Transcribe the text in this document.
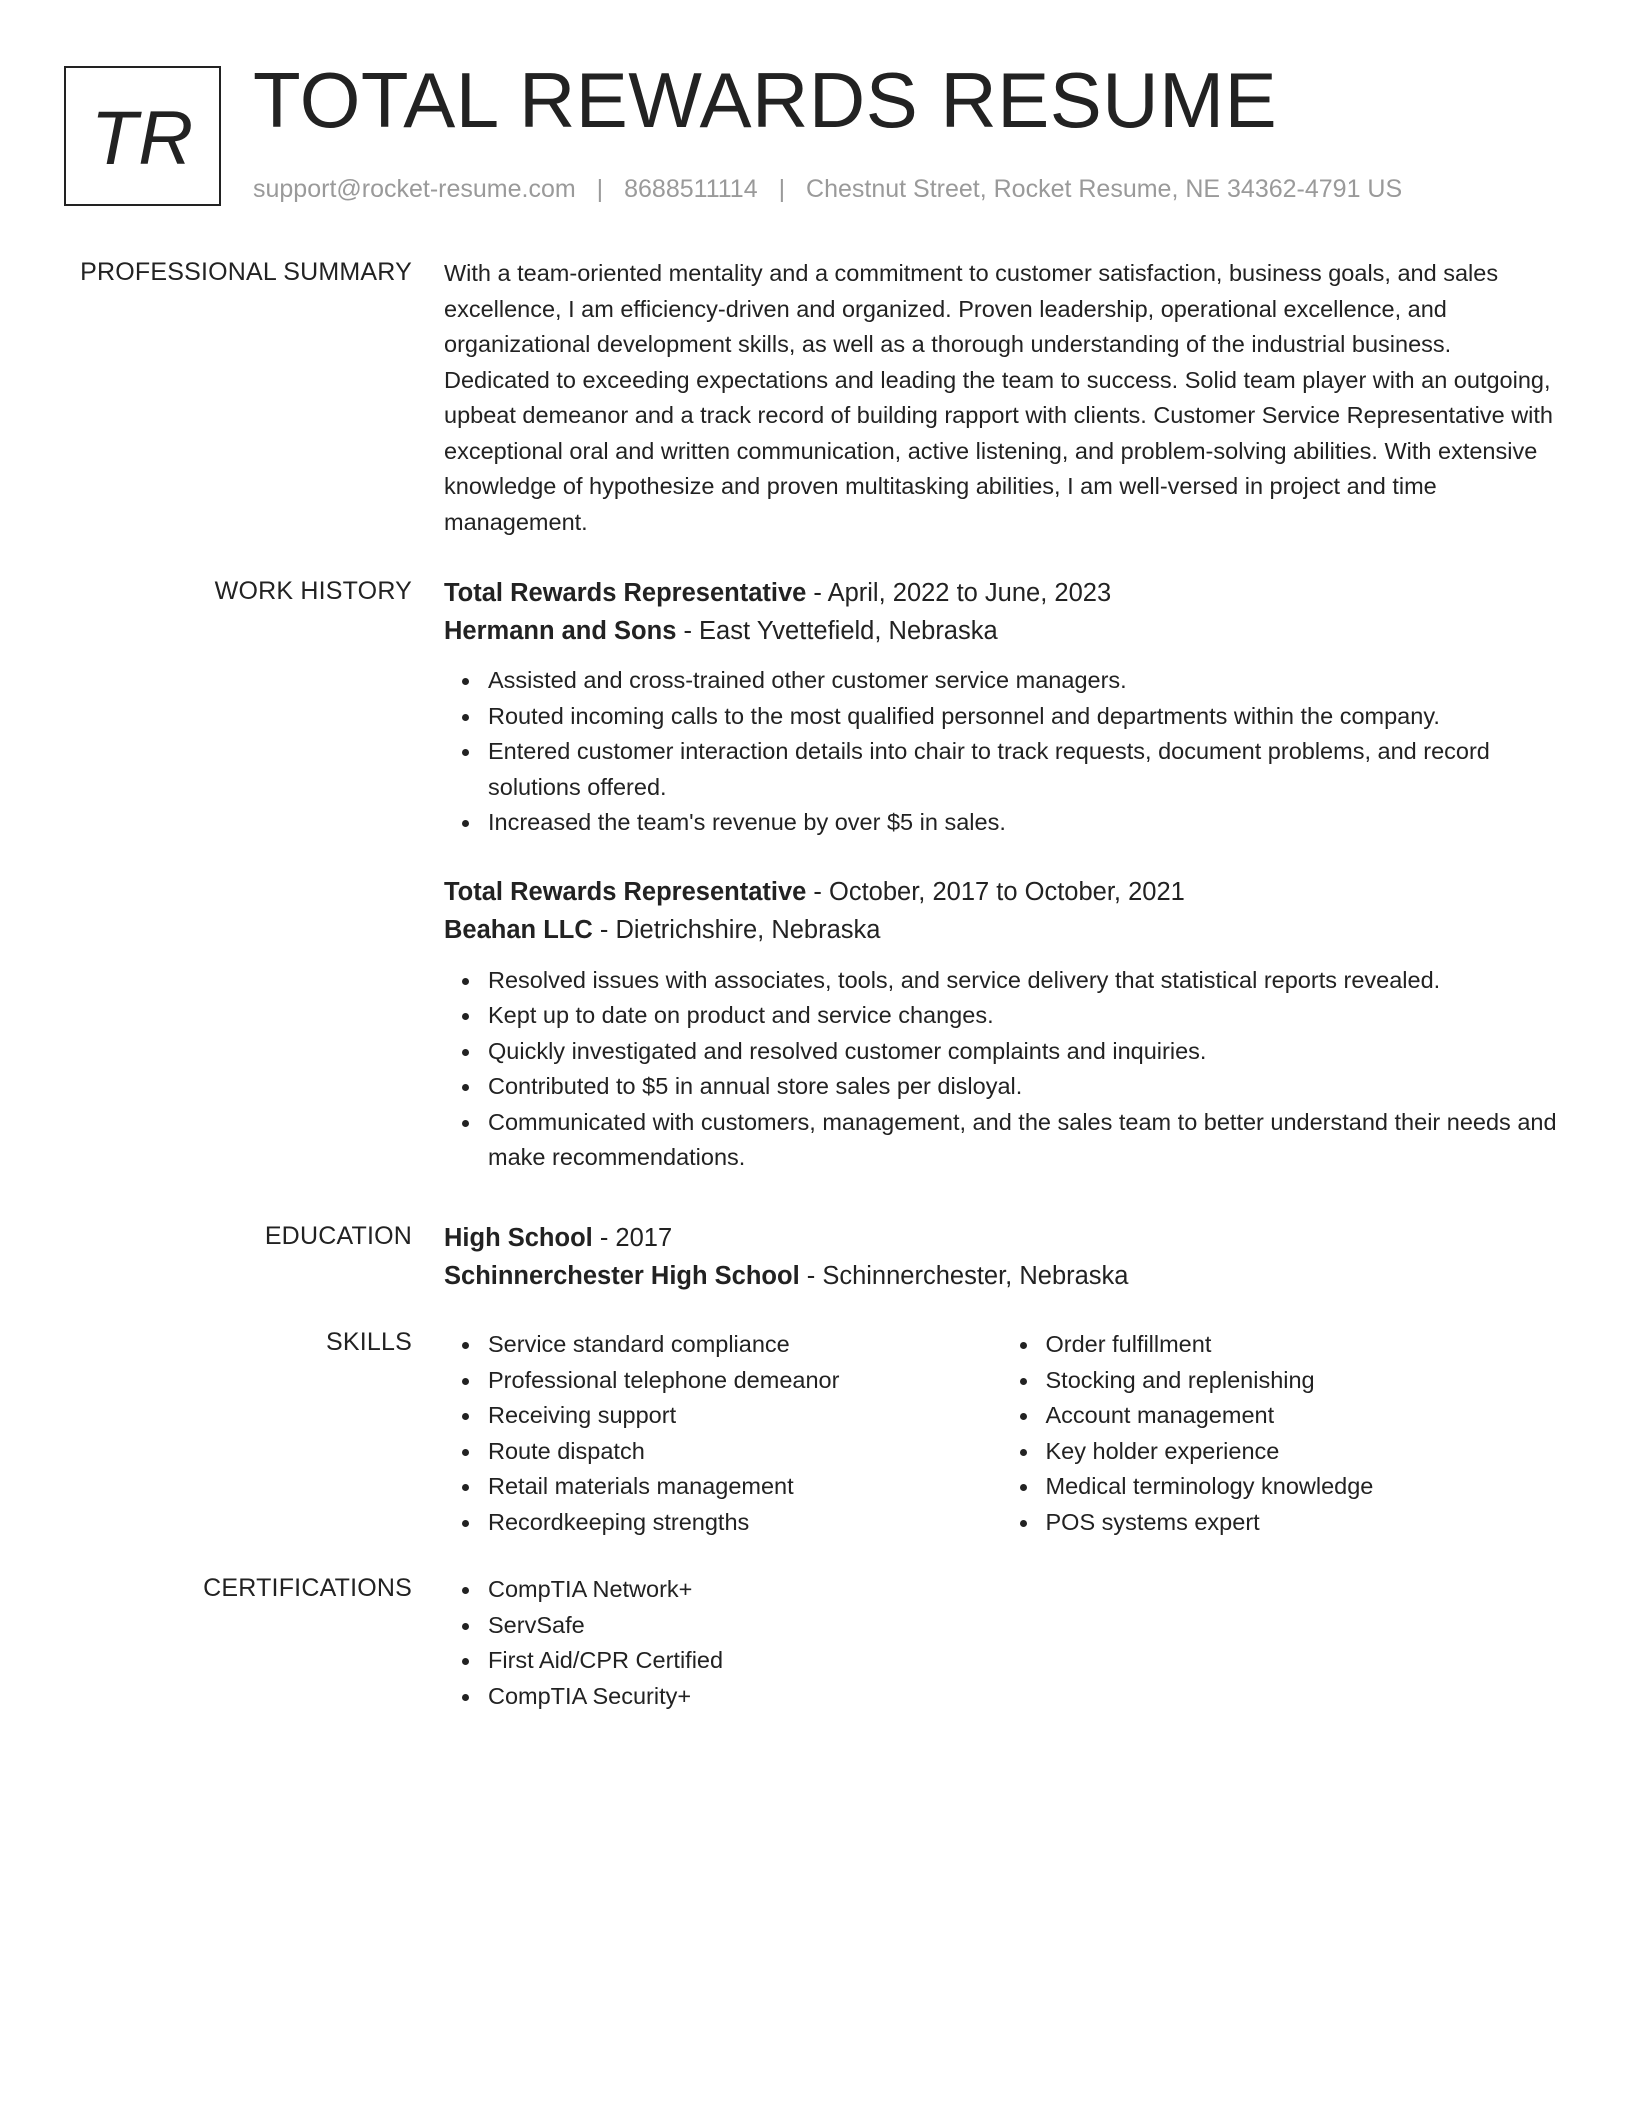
TR TOTAL REWARDS RESUME
support@rocket-resume.com | 8688511114 | Chestnut Street, Rocket Resume, NE 34362-4791 US
PROFESSIONAL SUMMARY With a team-oriented mentality and a commitment to customer satisfaction, business goals, and sales excellence, I am efficiency-driven and organized. Proven leadership, operational excellence, and organizational development skills, as well as a thorough understanding of the industrial business. Dedicated to exceeding expectations and leading the team to success. Solid team player with an outgoing, upbeat demeanor and a track record of building rapport with clients. Customer Service Representative with exceptional oral and written communication, active listening, and problem-solving abilities. With extensive knowledge of hypothesize and proven multitasking abilities, I am well-versed in project and time management.

WORK HISTORY Total Rewards Representative - April, 2022 to June, 2023
Hermann and Sons - East Yvettefield, Nebraska
Assisted and cross-trained other customer service managers.
Routed incoming calls to the most qualified personnel and departments within the company.
Entered customer interaction details into chair to track requests, document problems, and record solutions offered.
Increased the team's revenue by over $5 in sales.
Total Rewards Representative - October, 2017 to October, 2021
Beahan LLC - Dietrichshire, Nebraska
Resolved issues with associates, tools, and service delivery that statistical reports revealed.
Kept up to date on product and service changes.
Quickly investigated and resolved customer complaints and inquiries.
Contributed to $5 in annual store sales per disloyal.
Communicated with customers, management, and the sales team to better understand their needs and make recommendations.
EDUCATION High School - 2017
Schinnerchester High School - Schinnerchester, Nebraska
SKILLS	Service standard compliance
Professional telephone demeanor
Receiving support
Route dispatch
Retail materials management
Recordkeeping strengths
Order fulfillment
Stocking and replenishing
Account management
Key holder experience
Medical terminology knowledge
POS systems expert
CERTIFICATIONS	CompTIA Network+
ServSafe
First Aid/CPR Certified
CompTIA Security+
